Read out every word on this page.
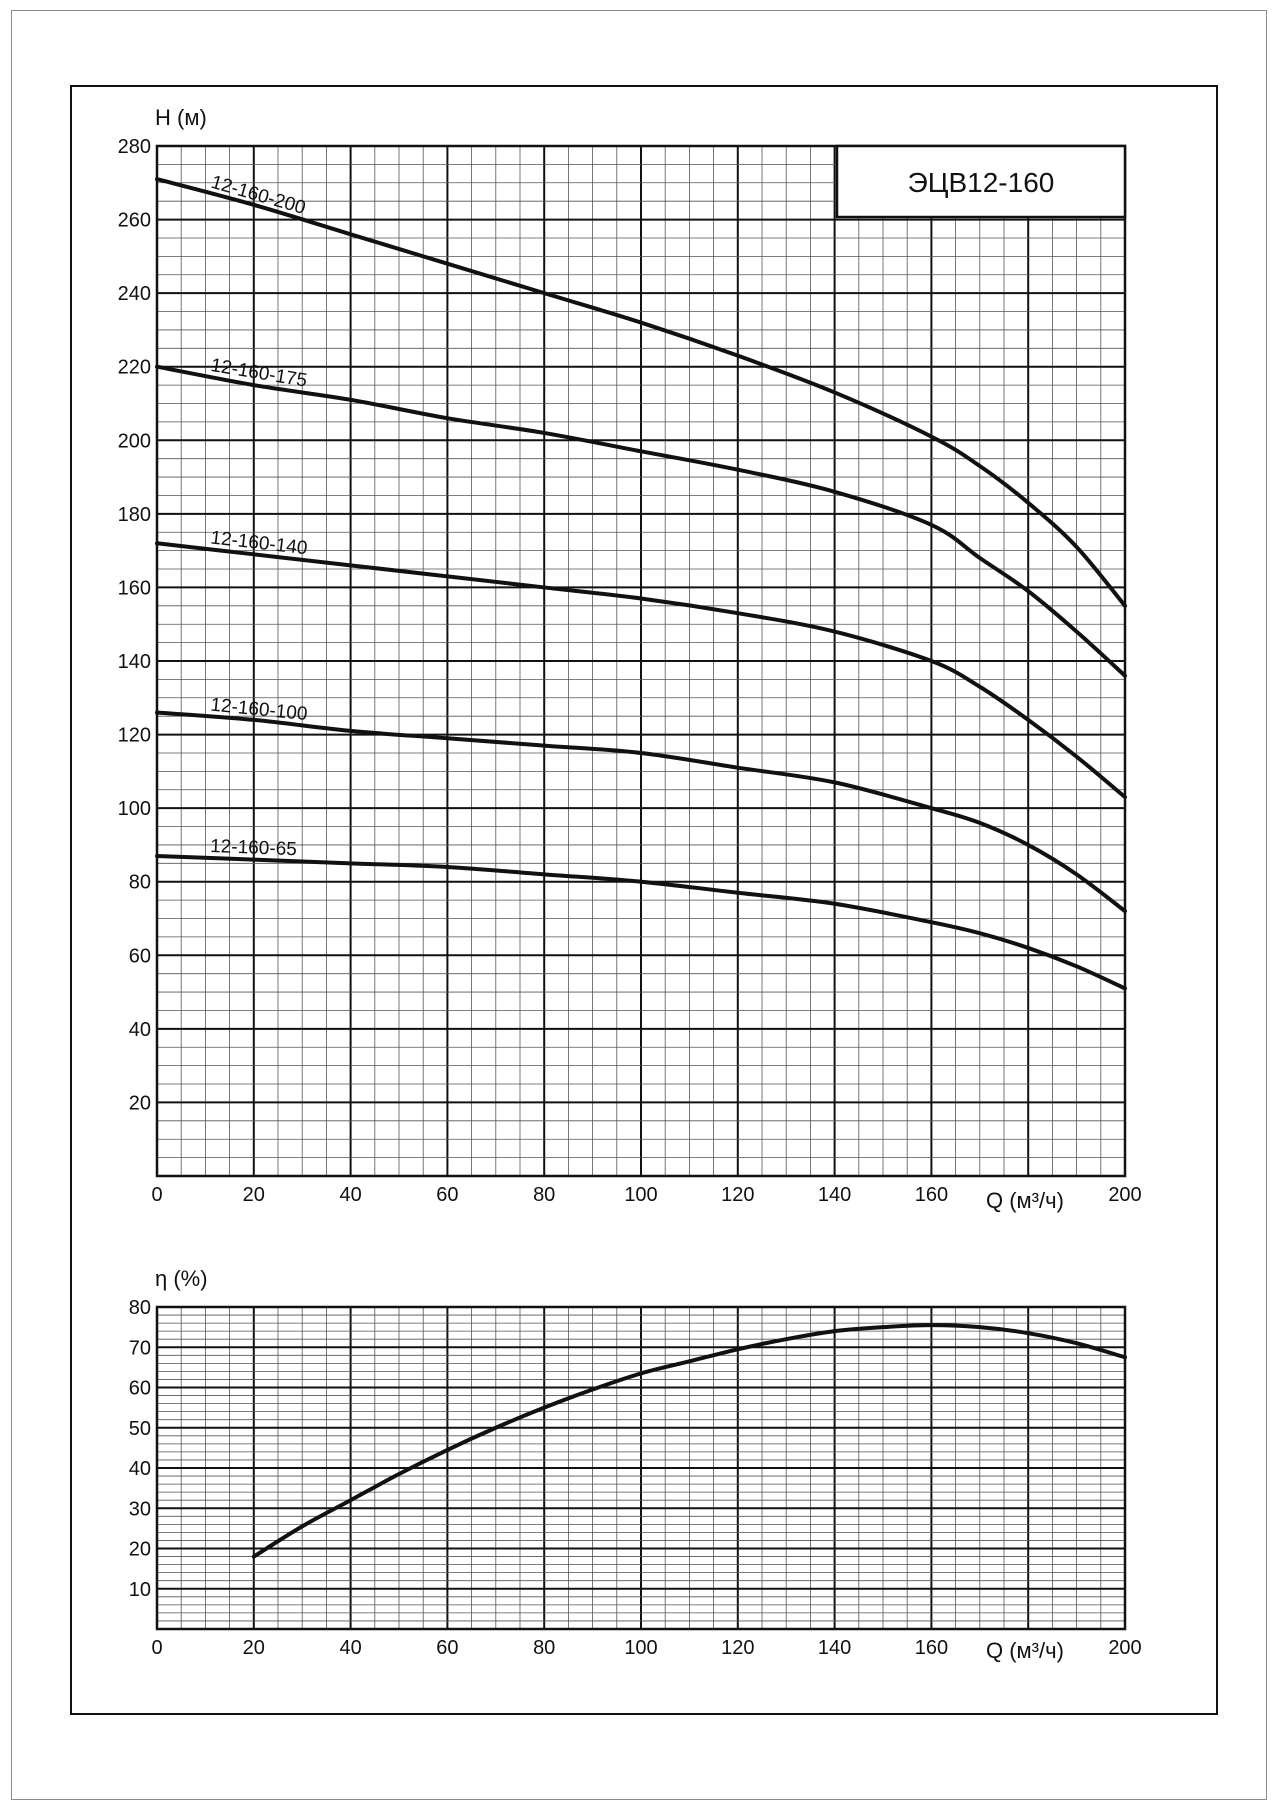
ЭЦВ12-160
H (м)
Q (м³/ч)
η (%)
Q (м³/ч)
0	20	40	60	80	100	120	140	160	200
280
260
240
220
200
180
160
140
120
100
80
60
40
20
0	20	40	60	80	100	120	140	160	200
80
70
60
50
40
30
20
10
12-160-200
12-160-175
12-160-140
12-160-100
12-160-65
